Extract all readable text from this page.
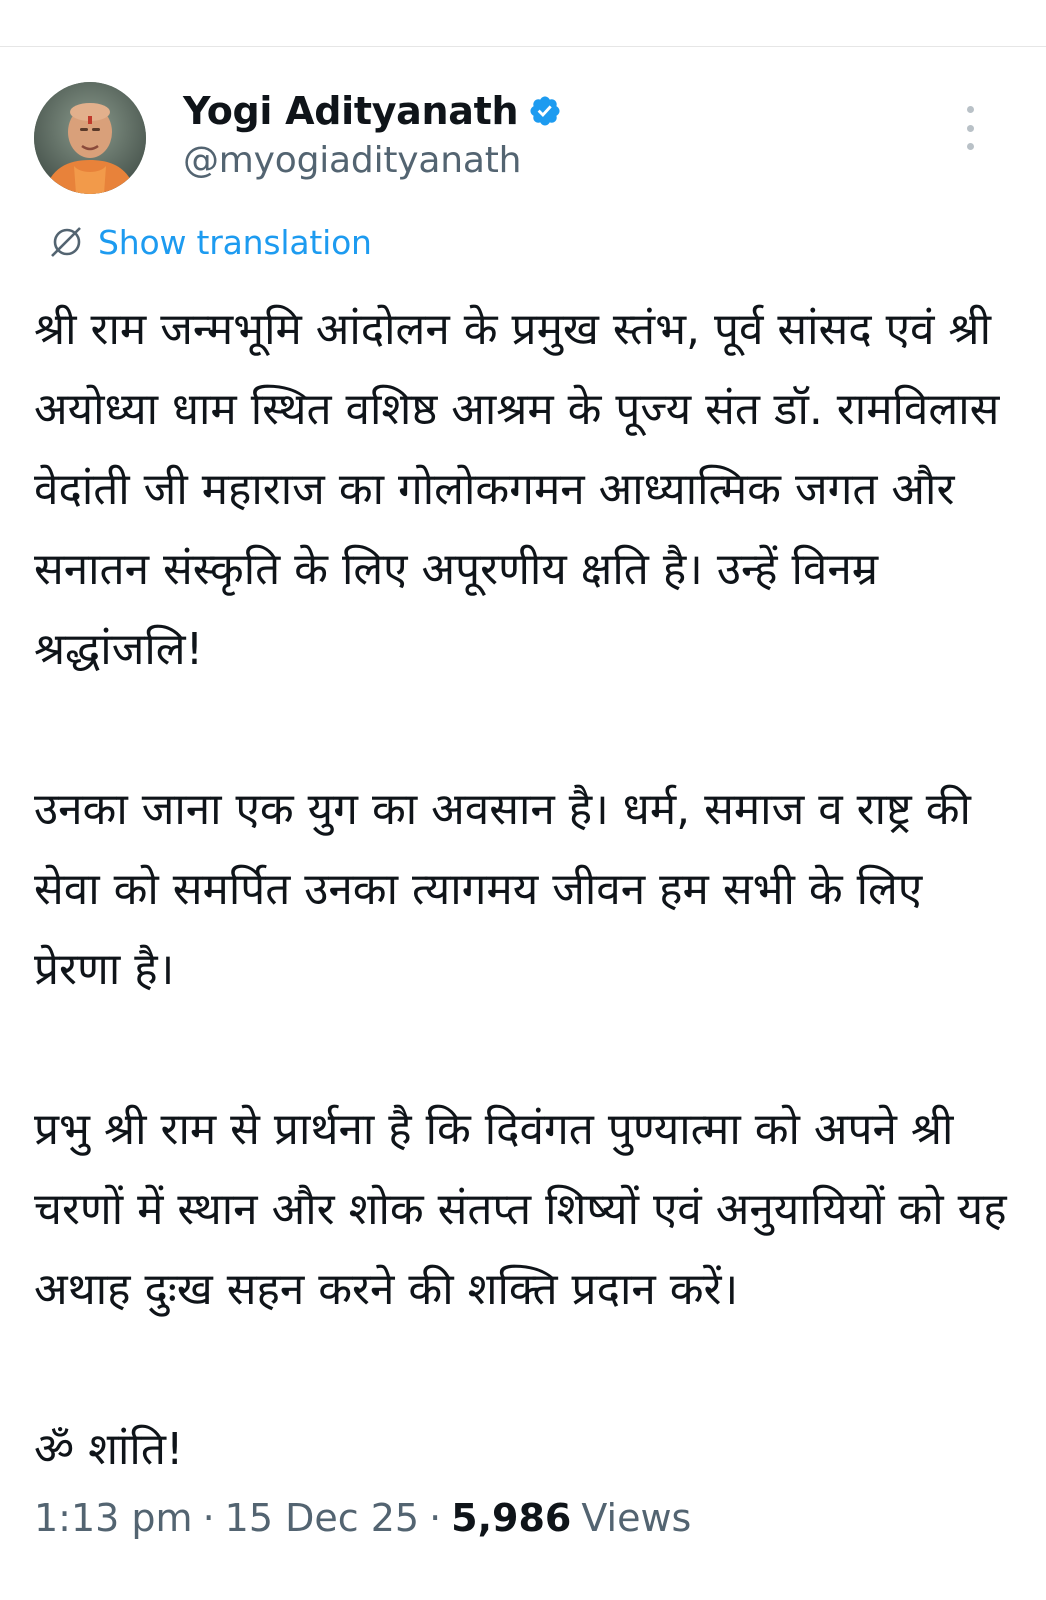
Yogi Adityanath
@myogiadityanath
Show translation

श्री राम जन्मभूमि आंदोलन के प्रमुख स्तंभ, पूर्व सांसद एवं श्री अयोध्या धाम स्थित वशिष्ठ आश्रम के पूज्य संत डॉ. रामविलास वेदांती जी महाराज का गोलोकगमन आध्यात्मिक जगत और सनातन संस्कृति के लिए अपूरणीय क्षति है। उन्हें विनम्र श्रद्धांजलि!

उनका जाना एक युग का अवसान है। धर्म, समाज व राष्ट्र की सेवा को समर्पित उनका त्यागमय जीवन हम सभी के लिए प्रेरणा है।

प्रभु श्री राम से प्रार्थना है कि दिवंगत पुण्यात्मा को अपने श्री चरणों में स्थान और शोक संतप्त शिष्यों एवं अनुयायियों को यह अथाह दुःख सहन करने की शक्ति प्रदान करें।

ॐ शांति!

1:13 pm · 15 Dec 25 · 5,986 Views
